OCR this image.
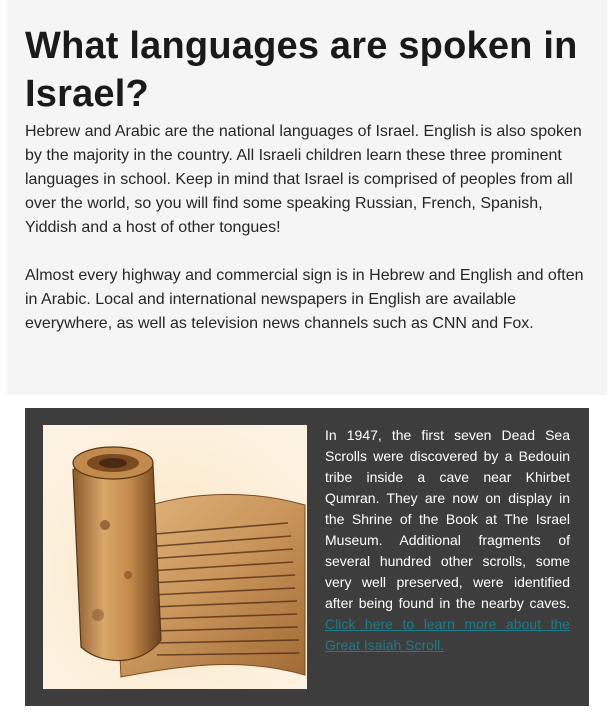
What languages are spoken in Israel?

Hebrew and Arabic are the national languages of Israel. English is also spoken by the majority in the country. All Israeli children learn these three prominent languages in school. Keep in mind that Israel is comprised of peoples from all over the world, so you will find some speaking Russian, French, Spanish, Yiddish and a host of other tongues!

Almost every highway and commercial sign is in Hebrew and English and often in Arabic. Local and international newspapers in English are available everywhere, as well as television news channels such as CNN and Fox.

In 1947, the first seven Dead Sea Scrolls were discovered by a Bedouin tribe inside a cave near Khirbet Qumran. They are now on display in the Shrine of the Book at The Israel Museum. Additional fragments of several hundred other scrolls, some very well preserved, were identified after being found in the nearby caves. Click here to learn more about the Great Isaiah Scroll.
